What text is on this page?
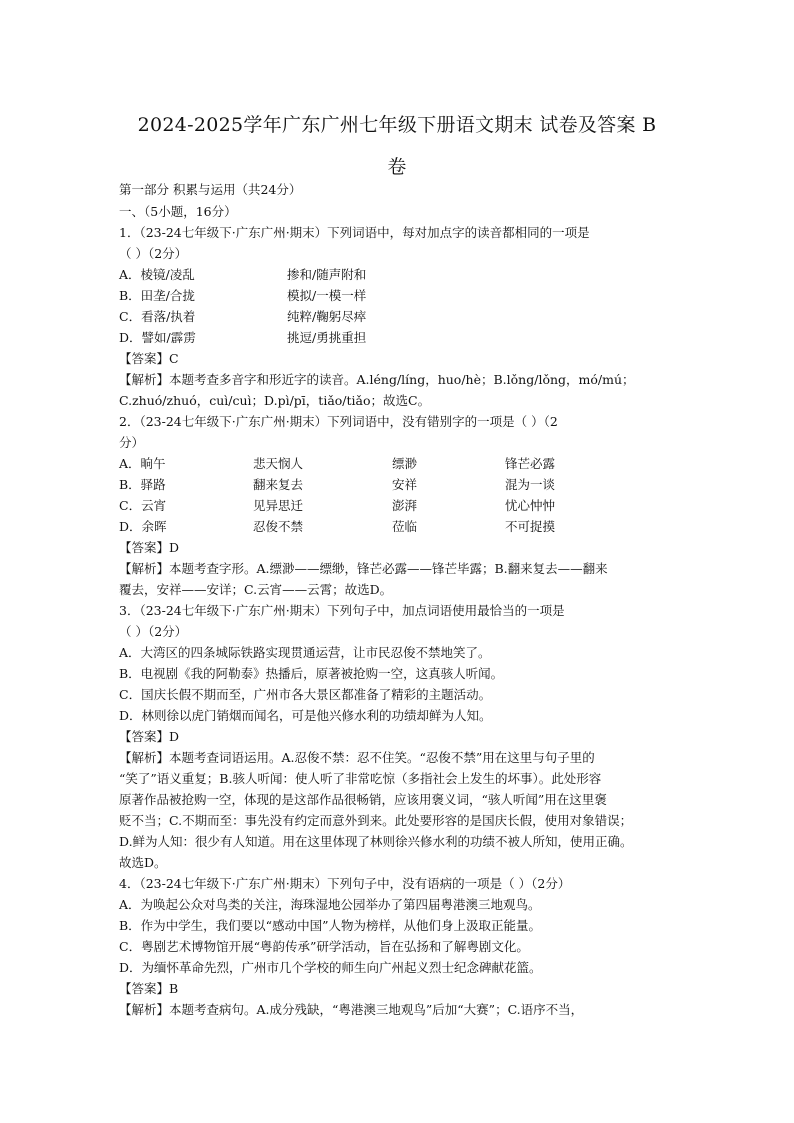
2024-2025学年广东广州七年级下册语文期末 试卷及答案 B
卷
第一部分 积累与运用（共24分）
一、（5小题，16分）
1．（23-24七年级下·广东广州·期末）下列词语中，每对加点字的读音都相同的一项是
（ ）（2分）
A．棱镜/凌乱	掺和/随声附和
B．田垄/合拢	模拟/一模一样
C．看落/执着	纯粹/鞠躬尽瘁
D．譬如/霹雳	挑逗/勇挑重担
【答案】C
【解析】本题考查多音字和形近字的读音。A.léng/líng，huo/hè；B.lǒng/lǒng，mó/mú；
C.zhuó/zhuó，cuì/cuì；D.pì/pī，tiǎo/tiǎo；故选C。
2．（23-24七年级下·广东广州·期末）下列词语中，没有错别字的一项是（ ）（2
分）
A．晌午	悲天悯人	缥渺	锋芒必露
B．驿路	翻来复去	安祥	混为一谈
C．云宵	见异思迁	澎湃	忧心忡忡
D．余晖	忍俊不禁	莅临	不可捉摸
【答案】D
【解析】本题考查字形。A.缥渺——缥缈，锋芒必露——锋芒毕露；B.翻来复去——翻来
覆去，安祥——安详；C.云宵——云霄；故选D。
3．（23-24七年级下·广东广州·期末）下列句子中，加点词语使用最恰当的一项是
（ ）（2分）
A．大湾区的四条城际铁路实现贯通运营，让市民忍俊不禁地笑了。
B．电视剧《我的阿勒泰》热播后，原著被抢购一空，这真骇人听闻。
C．国庆长假不期而至，广州市各大景区都准备了精彩的主题活动。
D．林则徐以虎门销烟而闻名，可是他兴修水利的功绩却鲜为人知。
【答案】D
【解析】本题考查词语运用。A.忍俊不禁：忍不住笑。“忍俊不禁”用在这里与句子里的
“笑了”语义重复；B.骇人听闻：使人听了非常吃惊（多指社会上发生的坏事）。此处形容
原著作品被抢购一空，体现的是这部作品很畅销，应该用褒义词，“骇人听闻”用在这里褒
贬不当；C.不期而至：事先没有约定而意外到来。此处要形容的是国庆长假，使用对象错误；
D.鲜为人知：很少有人知道。用在这里体现了林则徐兴修水利的功绩不被人所知，使用正确。
故选D。
4．（23-24七年级下·广东广州·期末）下列句子中，没有语病的一项是（ ）（2分）
A．为唤起公众对鸟类的关注，海珠湿地公园举办了第四届粤港澳三地观鸟。
B．作为中学生，我们要以“感动中国”人物为榜样，从他们身上汲取正能量。
C．粤剧艺术博物馆开展“粤韵传承”研学活动，旨在弘扬和了解粤剧文化。
D．为缅怀革命先烈，广州市几个学校的师生向广州起义烈士纪念碑献花篮。
【答案】B
【解析】本题考查病句。A.成分残缺，“粤港澳三地观鸟”后加“大赛”；C.语序不当，
